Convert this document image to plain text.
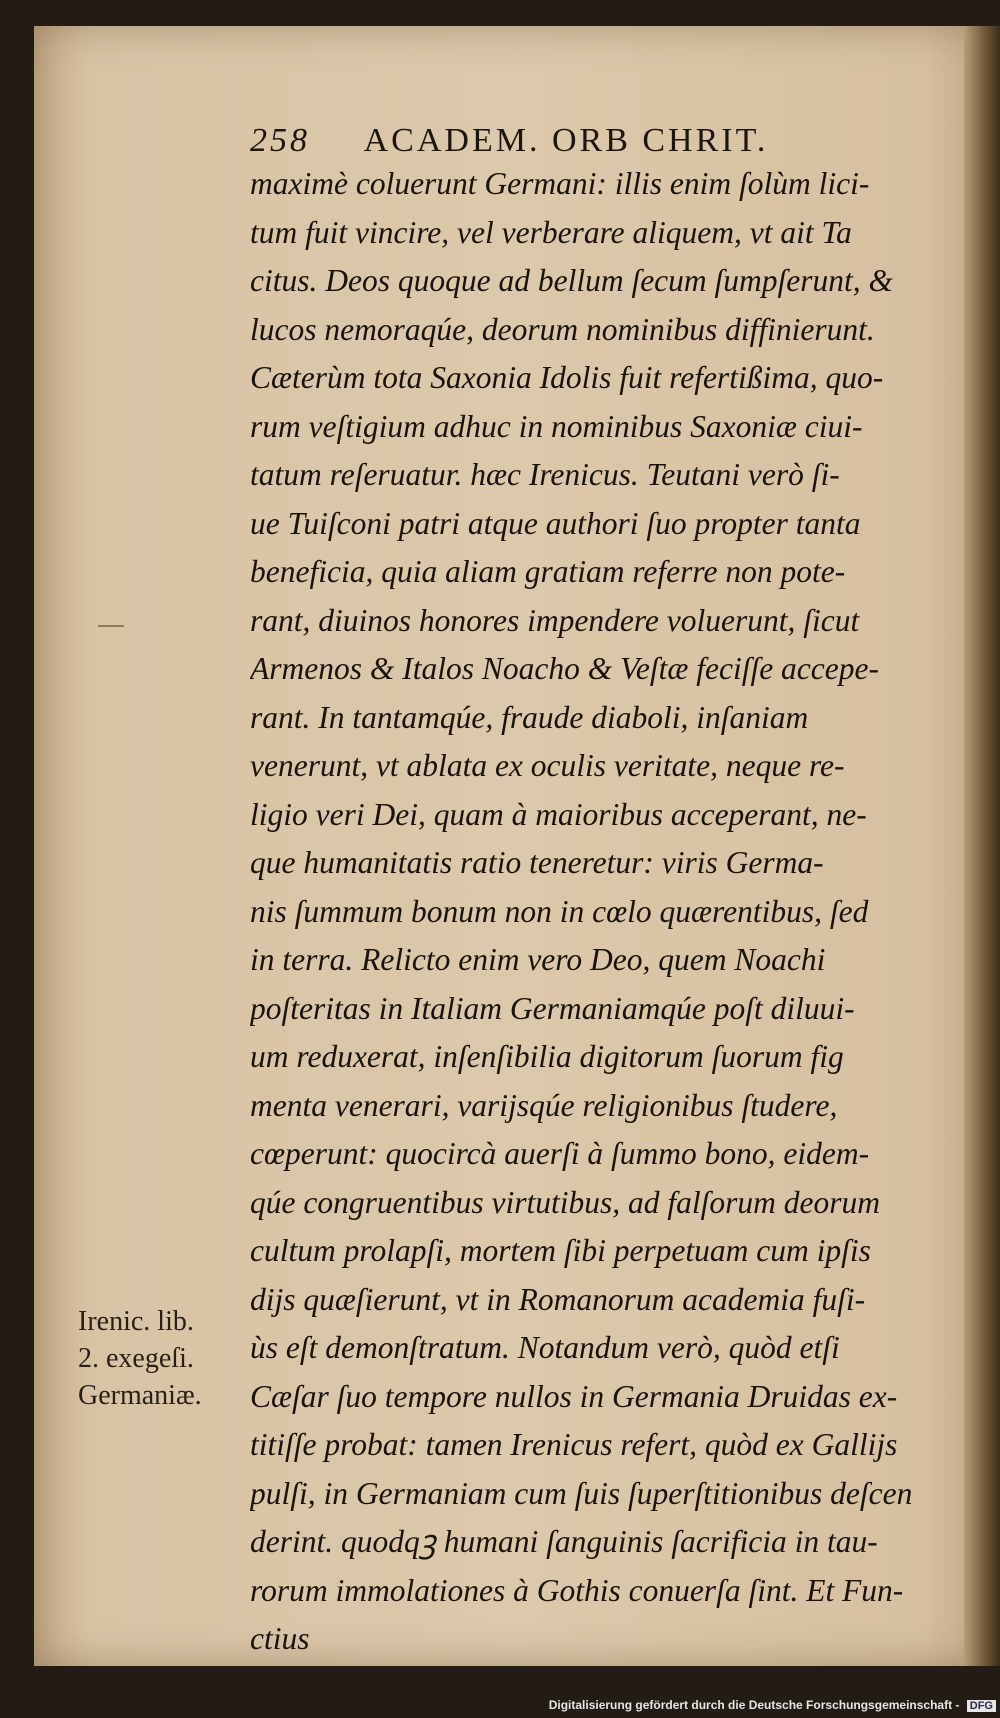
258 ACADEM. ORB CHRIT.
maximè coluerunt Germani: illis enim ſolùm lici-
tum fuit vincire, vel verberare aliquem, vt ait Ta
citus. Deos quoque ad bellum ſecum ſumpſerunt, &
lucos nemoraqúe, deorum nominibus diffinierunt.
Cæterùm tota Saxonia Idolis fuit refertißima, quo-
rum veſtigium adhuc in nominibus Saxoniæ ciui-
tatum reſeruatur. hæc Irenicus. Teutani verò ſi-
ue Tuiſconi patri atque authori ſuo propter tanta
beneficia, quia aliam gratiam referre non pote-
rant, diuinos honores impendere voluerunt, ſicut
Armenos & Italos Noacho & Veſtæ feciſſe accepe-
rant. In tantamqúe, fraude diaboli, inſaniam
venerunt, vt ablata ex oculis veritate, neque re-
ligio veri Dei, quam à maioribus acceperant, ne-
que humanitatis ratio teneretur: viris Germa-
nis ſummum bonum non in cœlo quærentibus, ſed
in terra. Relicto enim vero Deo, quem Noachi
poſteritas in Italiam Germaniamqúe poſt diluui-
um reduxerat, inſenſibilia digitorum ſuorum fig
menta venerari, varijsqúe religionibus ſtudere,
cœperunt: quocircà auerſi à ſummo bono, eidem-
qúe congruentibus virtutibus, ad falſorum deorum
cultum prolapſi, mortem ſibi perpetuam cum ipſis
dijs quæſierunt, vt in Romanorum academia fuſi-
ùs eſt demonſtratum. Notandum verò, quòd etſi
Cæſar ſuo tempore nullos in Germania Druidas ex-
titiſſe probat: tamen Irenicus refert, quòd ex Gallijs
pulſi, in Germaniam cum ſuis ſuperſtitionibus deſcen
derint. quodqꝫ humani ſanguinis ſacrificia in tau-
rorum immolationes à Gothis conuerſa ſint. Et Fun-
ctius
Irenic. lib.
2. exegeſi.
Germaniæ.
Digitalisierung gefördert durch die Deutsche Forschungsgemeinschaft - DFG
